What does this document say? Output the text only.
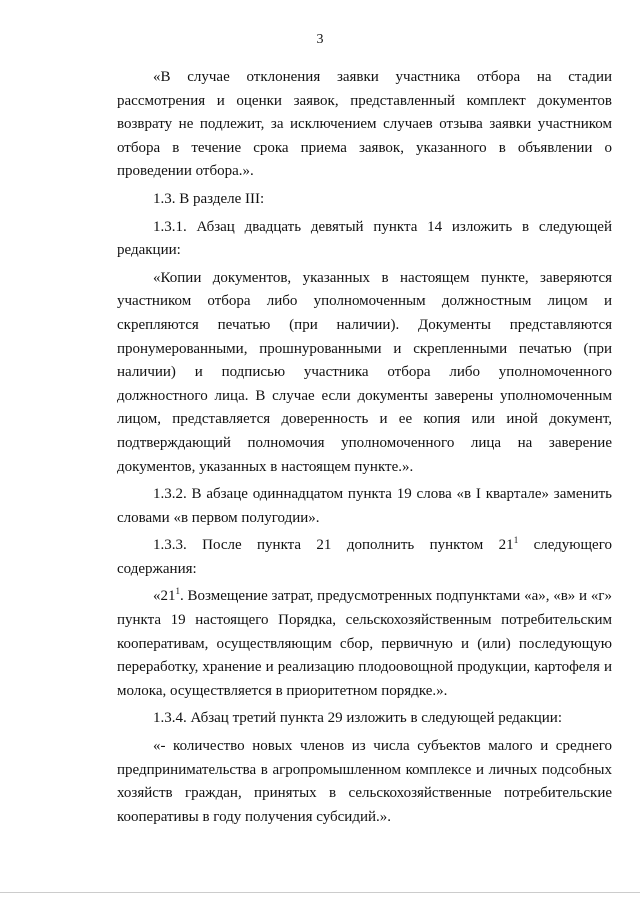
3

«В случае отклонения заявки участника отбора на стадии рассмотрения и оценки заявок, представленный комплект документов возврату не подлежит, за исключением случаев отзыва заявки участником отбора в течение срока приема заявок, указанного в объявлении о проведении отбора.».

1.3. В разделе III:

1.3.1. Абзац двадцать девятый пункта 14 изложить в следующей редакции:

«Копии документов, указанных в настоящем пункте, заверяются участником отбора либо уполномоченным должностным лицом и скрепляются печатью (при наличии). Документы представляются пронумерованными, прошнурованными и скрепленными печатью (при наличии) и подписью участника отбора либо уполномоченного должностного лица. В случае если документы заверены уполномоченным лицом, представляется доверенность и ее копия или иной документ, подтверждающий полномочия уполномоченного лица на заверение документов, указанных в настоящем пункте.».

1.3.2. В абзаце одиннадцатом пункта 19 слова «в I квартале» заменить словами «в первом полугодии».

1.3.3. После пункта 21 дополнить пунктом $21^1$ следующего содержания:

«$21^1$. Возмещение затрат, предусмотренных подпунктами «а», «в» и «г» пункта 19 настоящего Порядка, сельскохозяйственным потребительским кооперативам, осуществляющим сбор, первичную и (или) последующую переработку, хранение и реализацию плодоовощной продукции, картофеля и молока, осуществляется в приоритетном порядке.».

1.3.4. Абзац третий пункта 29 изложить в следующей редакции:

«- количество новых членов из числа субъектов малого и среднего предпринимательства в агропромышленном комплексе и личных подсобных хозяйств граждан, принятых в сельскохозяйственные потребительские кооперативы в году получения субсидий.».
